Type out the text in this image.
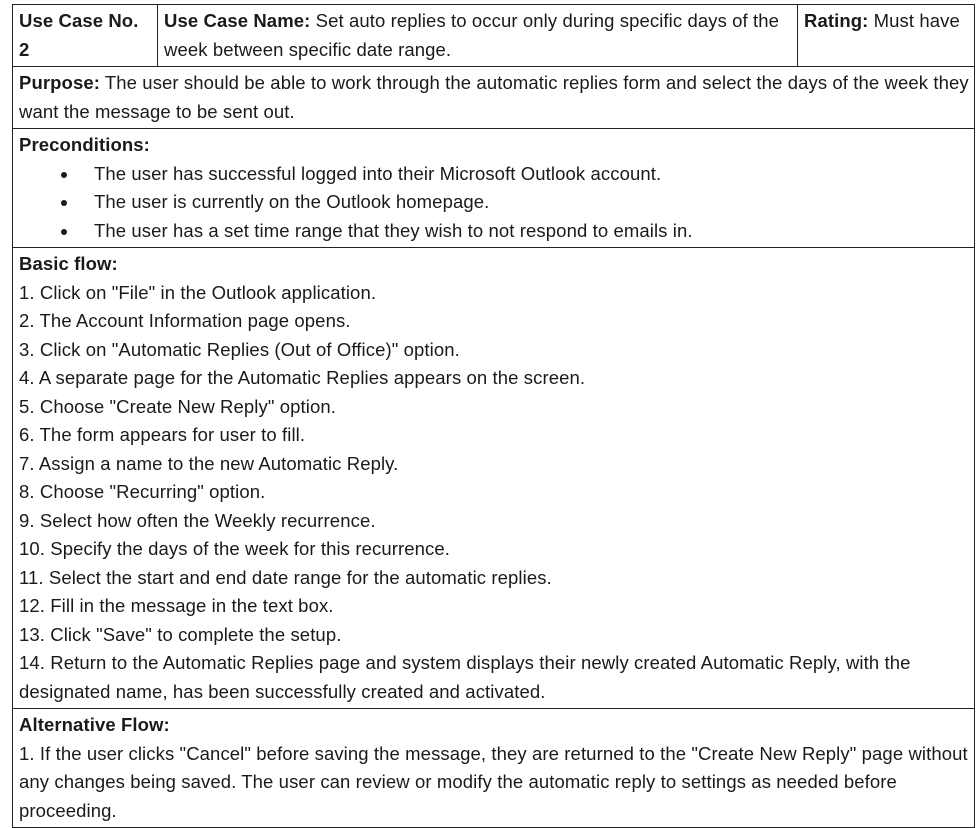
Use Case No. 2	Use Case Name: Set auto replies to occur only during specific days of the week between specific date range.	Rating: Must have
Purpose: The user should be able to work through the automatic replies form and select the days of the week they want the message to be sent out.

Preconditions:
The user has successful logged into their Microsoft Outlook account.
The user is currently on the Outlook homepage.
The user has a set time range that they wish to not respond to emails in.

Basic flow:
1. Click on "File" in the Outlook application.
2. The Account Information page opens.
3. Click on "Automatic Replies (Out of Office)" option.
4. A separate page for the Automatic Replies appears on the screen.
5. Choose "Create New Reply" option.
6. The form appears for user to fill.
7. Assign a name to the new Automatic Reply.
8. Choose "Recurring" option.
9. Select how often the Weekly recurrence.
10. Specify the days of the week for this recurrence.
11. Select the start and end date range for the automatic replies.
12. Fill in the message in the text box.
13. Click "Save" to complete the setup.
14. Return to the Automatic Replies page and system displays their newly created Automatic Reply, with the designated name, has been successfully created and activated.

Alternative Flow:
1. If the user clicks "Cancel" before saving the message, they are returned to the "Create New Reply" page without any changes being saved. The user can review or modify the automatic reply to settings as needed before proceeding.
